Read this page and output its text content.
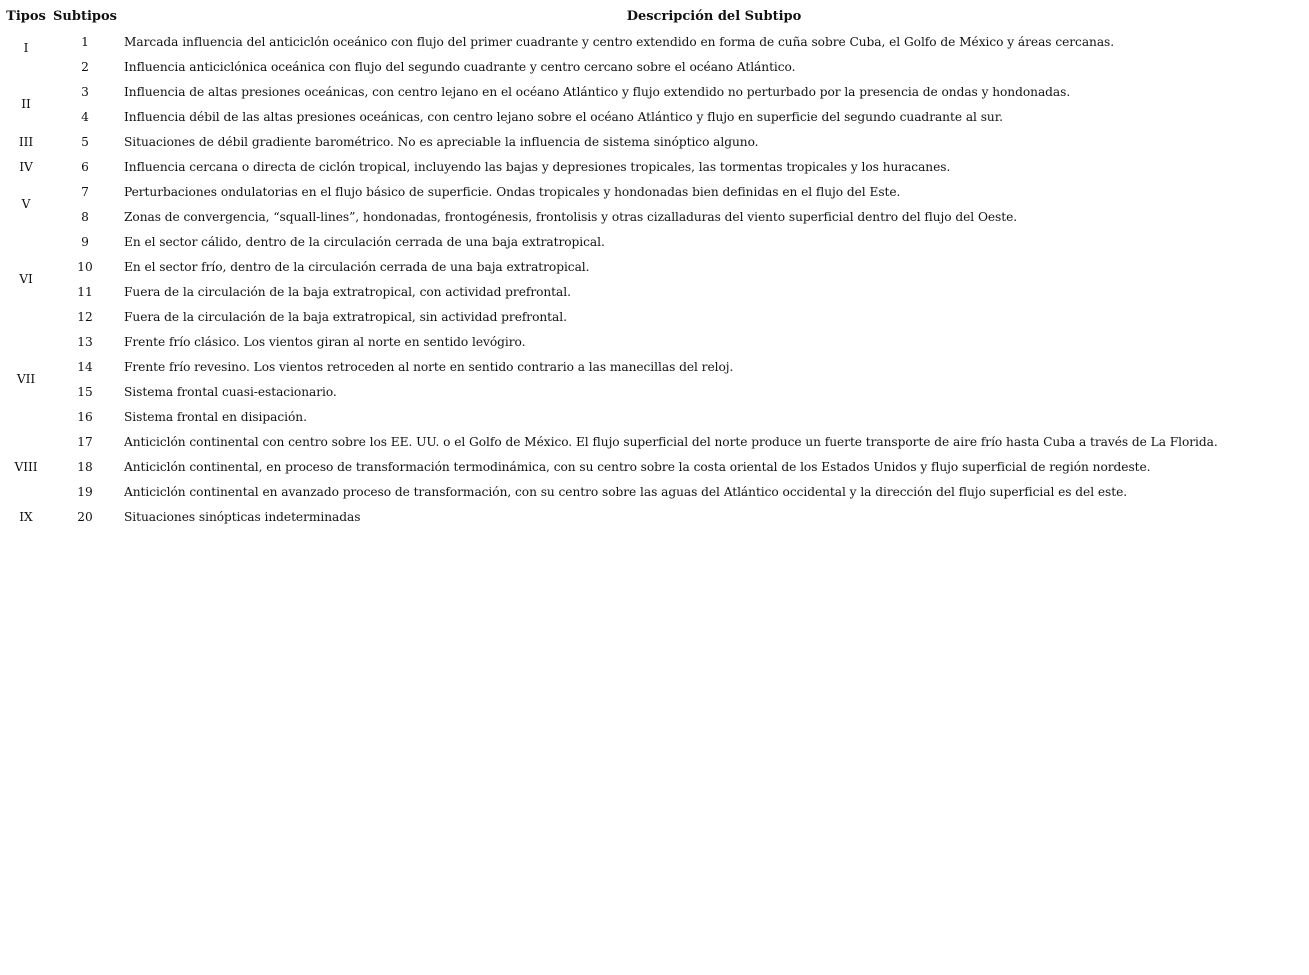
Tipos	Subtipos	Descripción del Subtipo
I	1	Marcada influencia del anticiclón oceánico con flujo del primer cuadrante y centro extendido en forma de cuña sobre Cuba, el Golfo de México y áreas cercanas.
	2	Influencia anticiclónica oceánica con flujo del segundo cuadrante y centro cercano sobre el océano Atlántico.
II	3	Influencia de altas presiones oceánicas, con centro lejano en el océano Atlántico y flujo extendido no perturbado por la presencia de ondas y hondonadas.
	4	Influencia débil de las altas presiones oceánicas, con centro lejano sobre el océano Atlántico y flujo en superficie del segundo cuadrante al sur.
III	5	Situaciones de débil gradiente barométrico. No es apreciable la influencia de sistema sinóptico alguno.
IV	6	Influencia cercana o directa de ciclón tropical, incluyendo las bajas y depresiones tropicales, las tormentas tropicales y los huracanes.
V	7	Perturbaciones ondulatorias en el flujo básico de superficie. Ondas tropicales y hondonadas bien definidas en el flujo del Este.
	8	Zonas de convergencia, “squall-lines”, hondonadas, frontogénesis, frontolisis y otras cizalladuras del viento superficial dentro del flujo del Oeste.
VI	9	En el sector cálido, dentro de la circulación cerrada de una baja extratropical.
	10	En el sector frío, dentro de la circulación cerrada de una baja extratropical.
	11	Fuera de la circulación de la baja extratropical, con actividad prefrontal.
	12	Fuera de la circulación de la baja extratropical, sin actividad prefrontal.
VII	13	Frente frío clásico. Los vientos giran al norte en sentido levógiro.
	14	Frente frío revesino. Los vientos retroceden al norte en sentido contrario a las manecillas del reloj.
	15	Sistema frontal cuasi-estacionario.
	16	Sistema frontal en disipación.
VIII	17	Anticiclón continental con centro sobre los EE. UU. o el Golfo de México. El flujo superficial del norte produce un fuerte transporte de aire frío hasta Cuba a través de La Florida.
	18	Anticiclón continental, en proceso de transformación termodinámica, con su centro sobre la costa oriental de los Estados Unidos y flujo superficial de región nordeste.
	19	Anticiclón continental en avanzado proceso de transformación, con su centro sobre las aguas del Atlántico occidental y la dirección del flujo superficial es del este.
IX	20	Situaciones sinópticas indeterminadas
